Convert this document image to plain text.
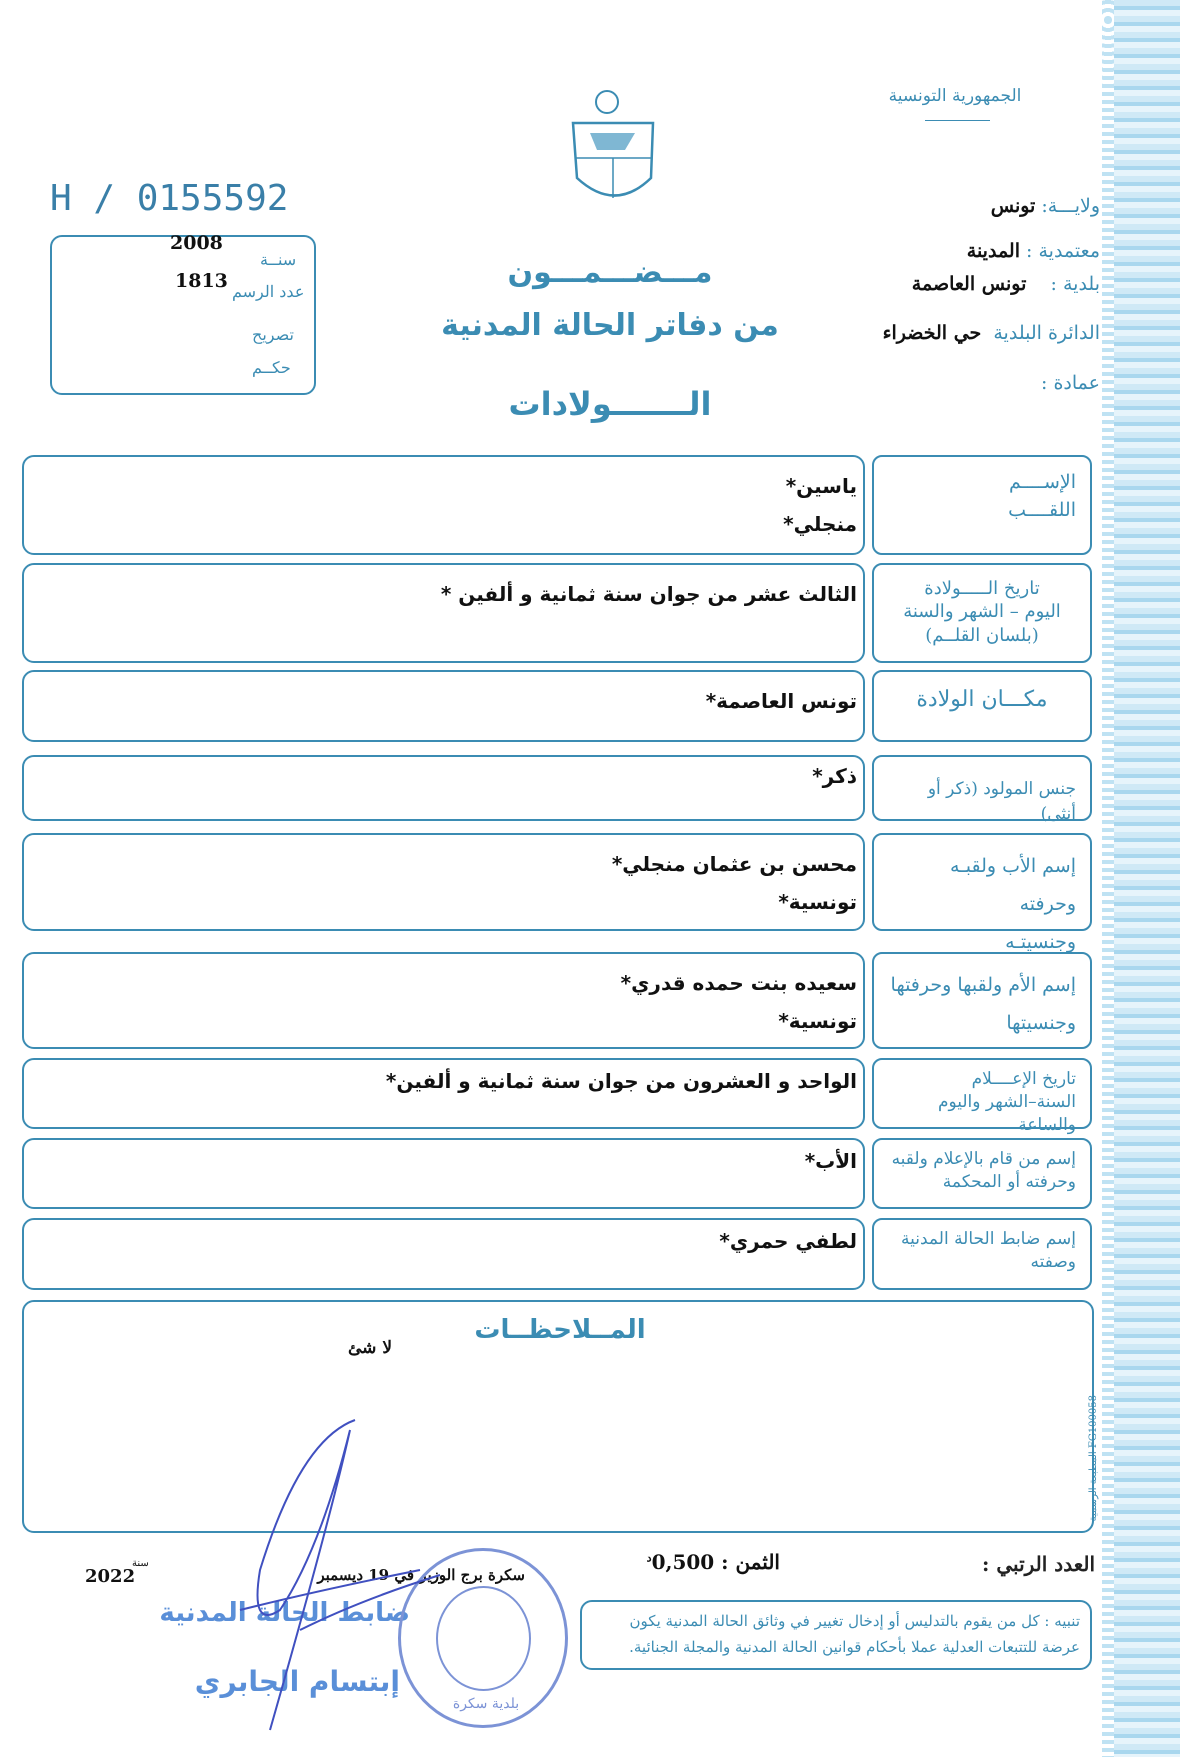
الجمهورية التونسية
ولايـــة: تونس
معتمدية : المدينة
بلدية :    تونس العاصمة
الدائرة البلدية  حي الخضراء
عمادة :
H / 0155592
2008
سنــة
1813 عدد الرسم
تصريح
حكــم
مـــضـــمـــون
من دفاتر الحالة المدنية
الـــــــولادات
الإســــم
اللقــــب
ياسين*
منجلي*
تاريخ الـــــولادة
اليوم – الشهر والسنة
(بلسان القلــم)
الثالث عشر من جوان سنة ثمانية و ألفين *
مكـــان الولادة
تونس العاصمة*
جنس المولود (ذكر أو أنثى)
ذكر*
إسم الأب ولقبـه وحرفته
وجنسيتـه
محسن بن عثمان منجلي*
تونسية*
إسم الأم ولقبها وحرفتها
وجنسيتها
سعيده بنت حمده قدري*
تونسية*
تاريخ الإعــــلام
السنة–الشهر واليوم والساعة
الواحد و العشرون من جوان سنة ثمانية و ألفين*
إسم من قام بالإعلام ولقبه
وحرفته أو المحكمة
الأب*
إسم ضابط الحالة المدنية
وصفته
لطفي حمري*
المــلاحظــات
لا شئ
المطبعة الرسمية FG100058
العدد الرتبي :
الثمن : $0,500^د$
سكرة برج الوزير في 19 ديسمبر
2022
سنة
ضابط الحالة المدنية
إبتسام الجابري
بلدية سكرة
تنبيه : كل من يقوم بالتدليس أو إدخال تغيير في وثائق الحالة المدنية يكون عرضة للتتبعات العدلية عملا بأحكام قوانين الحالة المدنية والمجلة الجنائية.
